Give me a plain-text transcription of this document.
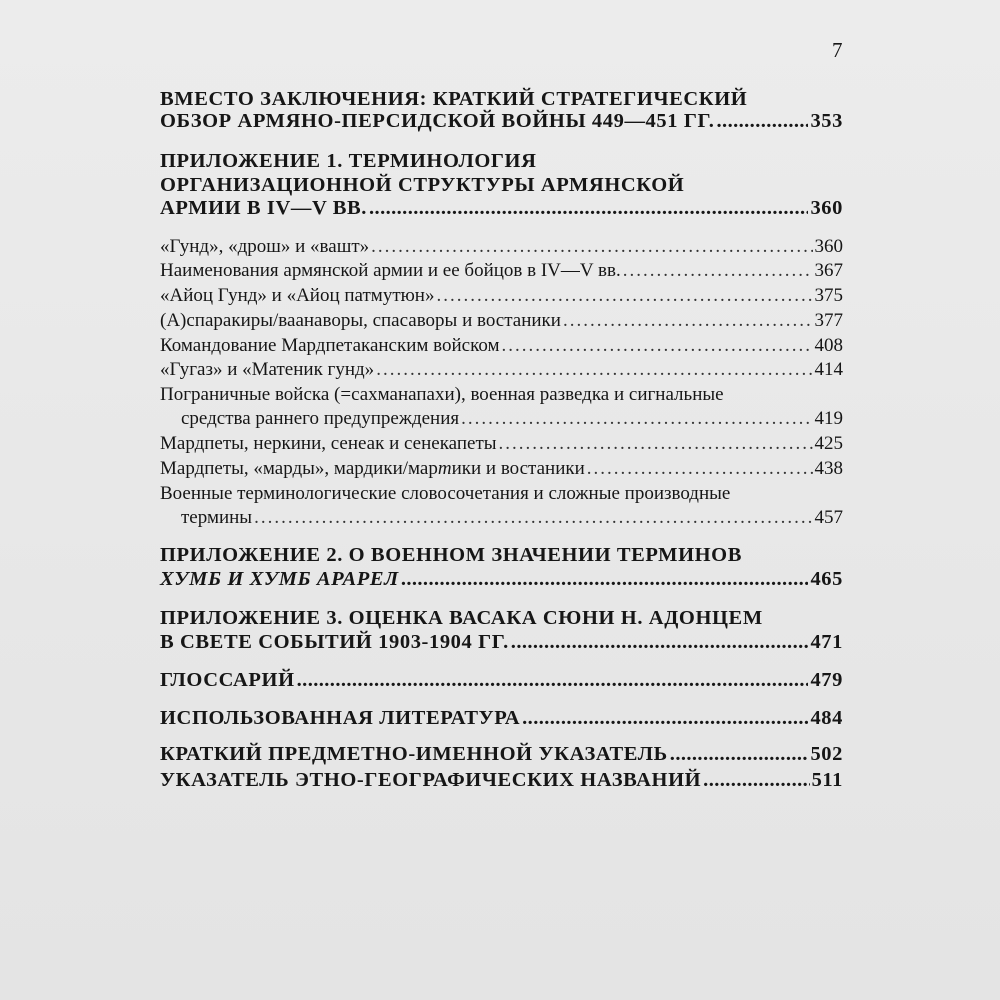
7
ВМЕСТО ЗАКЛЮЧЕНИЯ: КРАТКИЙ СТРАТЕГИЧЕСКИЙ
ОБЗОР АРМЯНО-ПЕРСИДСКОЙ ВОЙНЫ 449—451 ГГ. .....	353
ПРИЛОЖЕНИЕ 1. ТЕРМИНОЛОГИЯ
ОРГАНИЗАЦИОННОЙ СТРУКТУРЫ АРМЯНСКОЙ
АРМИИ В IV—V ВВ. .....	360
«Гунд», «дрош» и «вашт» .....	360
Наименования армянской армии и ее бойцов в IV—V вв. .....	367
«Айоц Гунд» и «Айоц патмутюн» .....	375
(А)спаракиры/ваанаворы, спасаворы и востаники .....	377
Командование Мардпетаканским войском .....	408
«Гугаз» и «Матеник гунд» .....	414
Пограничные войска (=сахманапахи), военная разведка и сигнальные
средства раннего предупреждения .....	419
Мардпеты, неркини, сенеак и сенекапеты .....	425
Мардпеты, «марды», мардики/мартики и востаники .....	438
Военные терминологические словосочетания и сложные производные
термины .....	457
ПРИЛОЖЕНИЕ 2. О ВОЕННОМ ЗНАЧЕНИИ ТЕРМИНОВ
ХУМБ И ХУМБ АРАРЕЛ .....	465
ПРИЛОЖЕНИЕ 3. ОЦЕНКА ВАСАКА СЮНИ Н. АДОНЦЕМ
В СВЕТЕ СОБЫТИЙ 1903-1904 ГГ. .....	471
ГЛОССАРИЙ .....	479
ИСПОЛЬЗОВАННАЯ ЛИТЕРАТУРА .....	484
КРАТКИЙ ПРЕДМЕТНО-ИМЕННОЙ УКАЗАТЕЛЬ .....	502
УКАЗАТЕЛЬ ЭТНО-ГЕОГРАФИЧЕСКИХ НАЗВАНИЙ .....	511
